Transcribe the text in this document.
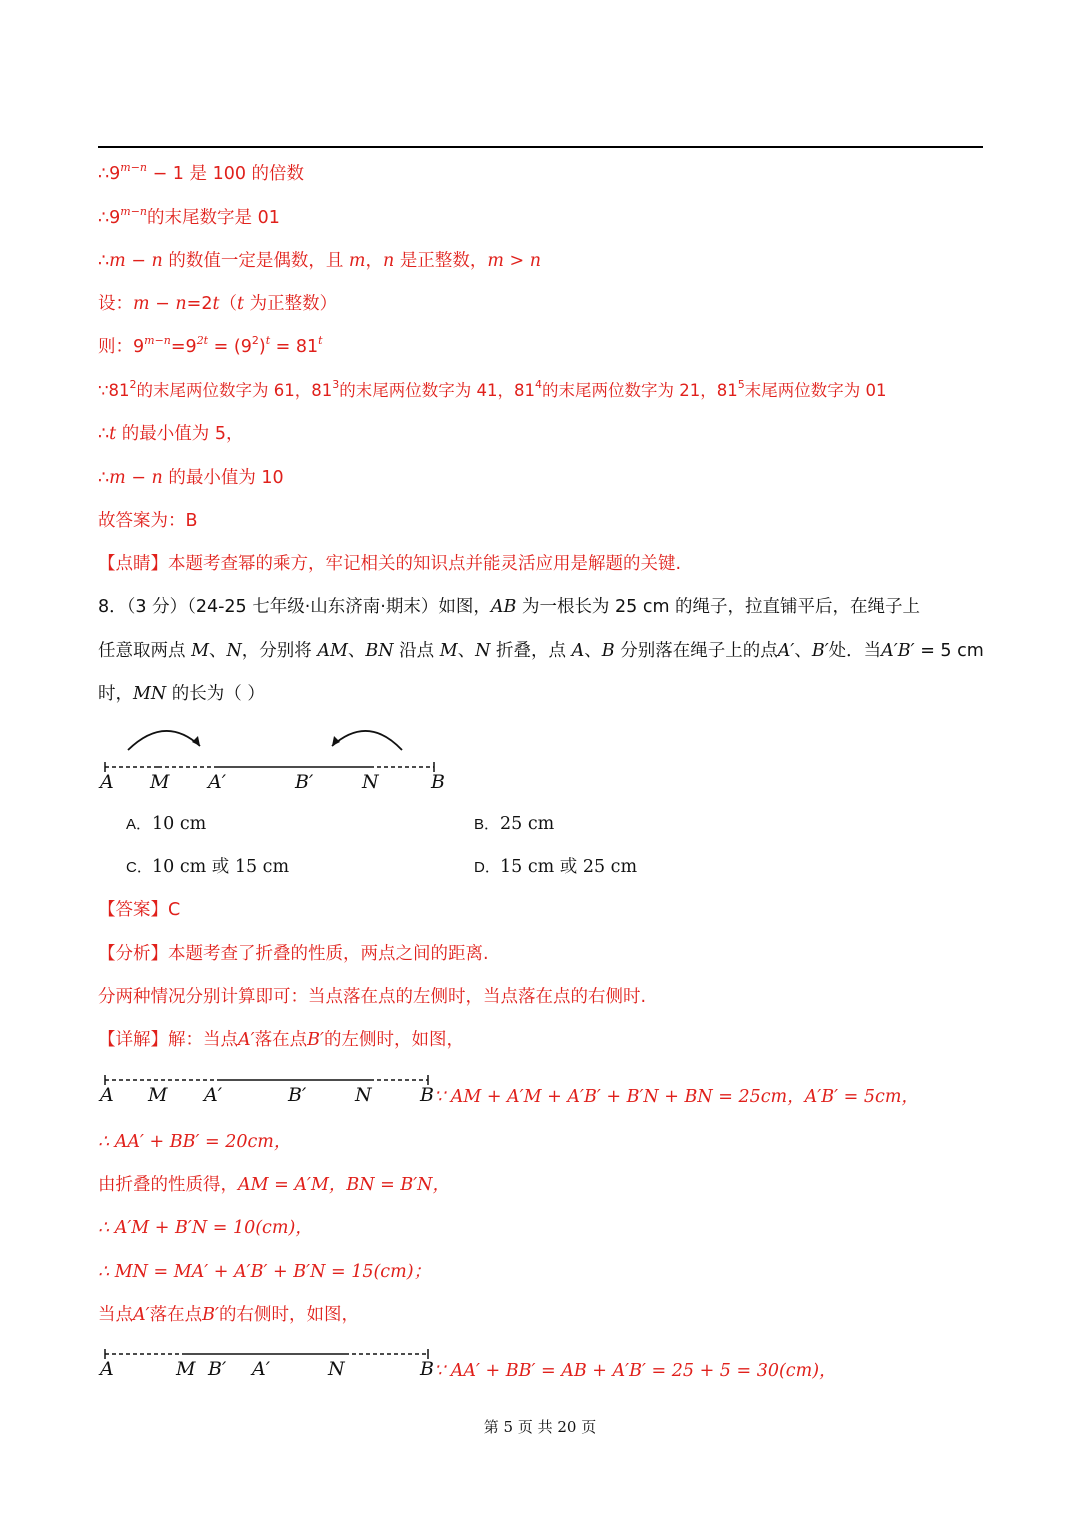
$\therefore 9^{m-n} - 1$ 是 100 的倍数
$\therefore 9^{m-n}$的末尾数字是 01
∴m − n 的数值一定是偶数，且 m，n 是正整数，m > n
设：m − n=2t（t 为正整数）
则：$9^{m-n}=9^{2t} = (9^2)^t = 81^t$
$\because 81^2$的末尾两位数字为 61，$81^3$的末尾两位数字为 41，$81^4$的末尾两位数字为 21，$81^5$末尾两位数字为 01
∴t 的最小值为 5，
∴m − n 的最小值为 10
故答案为：B
【点睛】本题考查幂的乘方，牢记相关的知识点并能灵活应用是解题的关键.
8．（3 分）（24-25 七年级·山东济南·期末）如图，AB 为一根长为 25 cm 的绳子，拉直铺平后，在绳子上
任意取两点 M、N，分别将 AM、BN 沿点 M、N 折叠，点 A、B 分别落在绳子上的点A′、B′处．当A′B′ = 5 cm
时，MN 的长为（ ）
A M A′	B′	N	B
A．10 cm	B．25 cm
C．10 cm 或 15 cm	D．15 cm 或 25 cm
【答案】C
【分析】本题考查了折叠的性质，两点之间的距离.
分两种情况分别计算即可：当点落在点的左侧时，当点落在点的右侧时.
【详解】解：当点A′落在点B′的左侧时，如图，
A M A′	B′	N	B ∵ AM + A′M + A′B′ + B′N + BN = 25cm，A′B′ = 5cm，
∴ AA′ + BB′ = 20cm，
由折叠的性质得，AM = A′M，BN = B′N，
∴ A′M + B′N = 10(cm)，
∴ MN = MA′ + A′B′ + B′N = 15(cm)；
当点A′落在点B′的右侧时，如图，
A	M B′ A′	N	B ∵ AA′ + BB′ = AB + A′B′ = 25 + 5 = 30(cm)，
第 5 页 共 20 页
